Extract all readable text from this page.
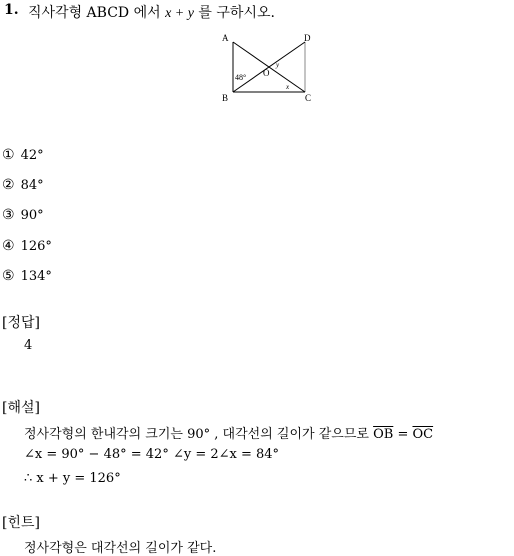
1. 직사각형 ABCD 에서 x + y 를 구하시오.
A	D
B	C
O
48°
y
x
① 42°
② 84°
③ 90°
④ 126°
⑤ 134°
[정답]
4
[해설]
정사각형의 한내각의 크기는 90° , 대각선의 길이가 같으므로 $\overline{OB} = \overline{OC}$
∠x = 90° − 48° = 42° ∠y = 2∠x = 84°
∴ x + y = 126°
[힌트]
정사각형은 대각선의 길이가 같다.
